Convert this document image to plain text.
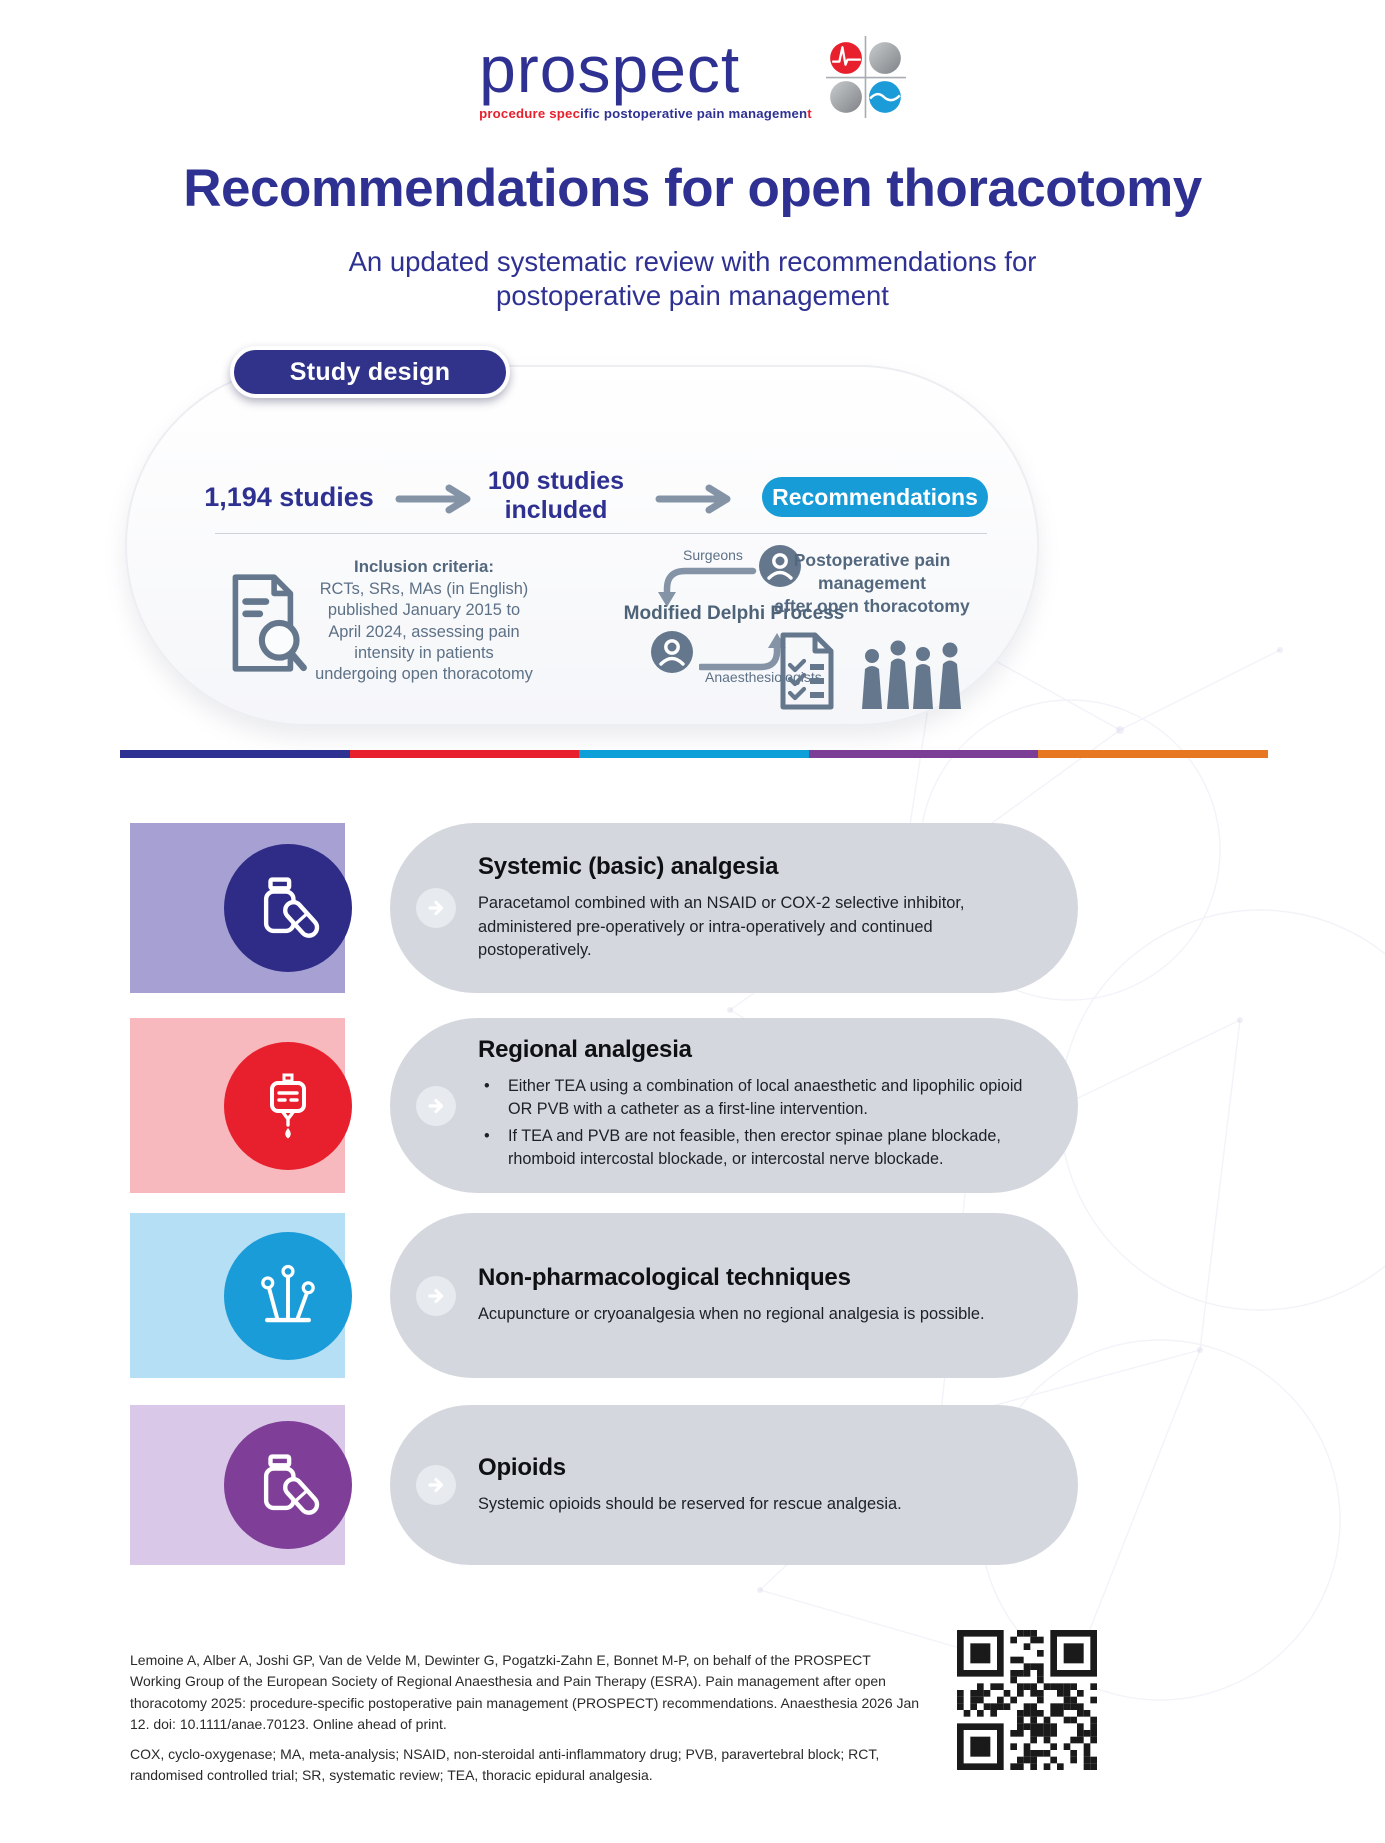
prospect
procedure specific postoperative pain management
Recommendations for open thoracotomy

An updated systematic review with recommendations for postoperative pain management

Study design
1,194 studies
100 studies
included	Recommendations
Inclusion criteria:
RCTs, SRs, MAs (in English) published January 2015 to April 2024, assessing pain intensity in patients undergoing open thoracotomy
Surgeons
Modified Delphi Process
Anaesthesiologists
Postoperative pain management
after open thoracotomy
Systemic (basic) analgesia

Paracetamol combined with an NSAID or COX-2 selective inhibitor, administered pre-operatively or intra-operatively and continued postoperatively.

Regional analgesia
• Either TEA using a combination of local anaesthetic and lipophilic opioid OR PVB with a catheter as a first-line intervention.
• If TEA and PVB are not feasible, then erector spinae plane blockade, rhomboid intercostal blockade, or intercostal nerve blockade.
Non-pharmacological techniques

Acupuncture or cryoanalgesia when no regional analgesia is possible.

Opioids

Systemic opioids should be reserved for rescue analgesia.

Lemoine A, Alber A, Joshi GP, Van de Velde M, Dewinter G, Pogatzki-Zahn E, Bonnet M-P, on behalf of the PROSPECT Working Group of the European Society of Regional Anaesthesia and Pain Therapy (ESRA). Pain management after open thoracotomy 2025: procedure-specific postoperative pain management (PROSPECT) recommendations. Anaesthesia 2026 Jan 12. doi: 10.1111/anae.70123. Online ahead of print.

COX, cyclo-oxygenase; MA, meta-analysis; NSAID, non-steroidal anti-inflammatory drug; PVB, paravertebral block; RCT, randomised controlled trial; SR, systematic review; TEA, thoracic epidural analgesia.
